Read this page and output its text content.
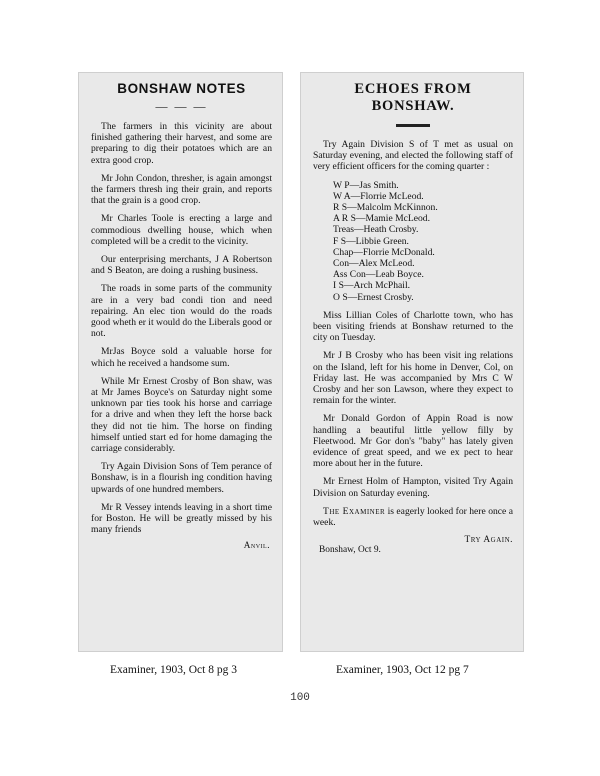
BONSHAW NOTES
— — —

The farmers in this vicinity are about finished gathering their harvest, and some are preparing to dig their potatoes which are an extra good crop.

Mr John Condon, thresher, is again amongst the farmers thresh ing their grain, and reports that the grain is a good crop.

Mr Charles Toole is erecting a large and commodious dwelling house, which when completed will be a credit to the vicinity.

Our enterprising merchants, J A Robertson and S Beaton, are doing a rushing business.

The roads in some parts of the community are in a very bad condi tion and need repairing. An elec tion would do the roads good wheth er it would do the Liberals good or not.

MrJas Boyce sold a valuable horse for which he received a handsome sum.

While Mr Ernest Crosby of Bon shaw, was at Mr James Boyce's on Saturday night some unknown par ties took his horse and carriage for a drive and when they left the horse back they did not tie him. The horse on finding himself untied start ed for home damaging the carriage considerably.

Try Again Division Sons of Tem perance of Bonshaw, is in a flourish ing condition having upwards of one hundred members.

Mr R Vessey intends leaving in a short time for Boston. He will be greatly missed by his many friends

Anvil.
ECHOES FROM BONSHAW.

Try Again Division S of T met as usual on Saturday evening, and elected the following staff of very efficient officers for the coming quarter :

W P—Jas Smith.
W A—Florrie McLeod.
R S—Malcolm McKinnon.
A R S—Mamie McLeod.
Treas—Heath Crosby.
F S—Libbie Green.
Chap—Florrie McDonald.
Con—Alex McLeod.
Ass Con—Leab Boyce.
I S—Arch McPhail.
O S—Ernest Crosby.

Miss Lillian Coles of Charlotte town, who has been visiting friends at Bonshaw returned to the city on Tuesday.

Mr J B Crosby who has been visit ing relations on the Island, left for his home in Denver, Col, on Friday last. He was accompanied by Mrs C W Crosby and her son Lawson, where they expect to remain for the winter.

Mr Donald Gordon of Appin Road is now handling a beautiful little yellow filly by Fleetwood. Mr Gor don's "baby" has lately given evidence of great speed, and we ex pect to hear more about her in the future.

Mr Ernest Holm of Hampton, visited Try Again Division on Saturday evening.

The Examiner is eagerly looked for here once a week.

Try Again.
Bonshaw, Oct 9.
Examiner, 1903, Oct 8 pg 3	Examiner, 1903, Oct 12 pg 7
100
